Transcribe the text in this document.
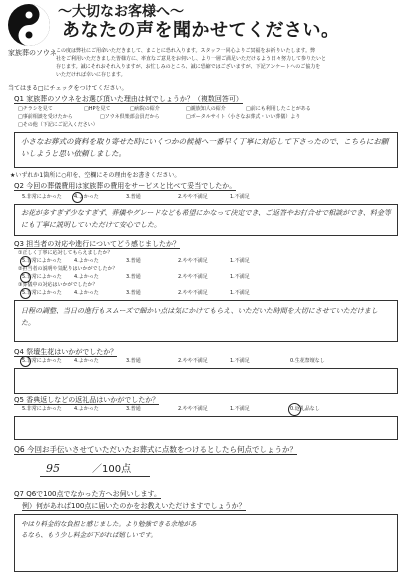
〜大切なお客様へ〜
あなたの声を聞かせてください。
家族葬のソウネ この度は弊社にご用命いただきまして、まことに恐れ入ります。スタッフ一同心よりご冥福をお祈りいたします。弊
社をご利用いただきました皆様方に、率直なご意見をお伺いし、より一層ご満足いただけるよう日々努力して参りたいと
存じます。誠にそれおそれ入りますが、お忙しみのところ、誠に恐縮ではございますが、下記アンケートへのご協力を
いただければ幸いに存じます。
当てはまる□にチェックをつけてください。
Q1 家族葬のソウネをお選び頂いた理由は何でしょうか？（複数回答可）
□チラシを見て	□HPを見て	□病院の紹介	□親族知人の紹介	□前にも利用したことがある
□事前相談を受けたから	□ソウネ倶楽部会員だから	□ポータルサイト（小さなお葬式・いい葬儀）より
□その他（下記にご記入ください）
小さなお葬式の資料を取り寄せた時にいくつかの候補へ一番早く丁寧に対応して下さったので、こちらにお願いしようと思い依頼しました。
★いずれか1箇所に○印を、空欄にその理由をお書きください。
Q2 今回の葬儀費用は家族葬の費用をサービスと比べて妥当でしたか。
5.非常によかった	4.よかった	3.普通	2.やや不満足	1.不満足
お花が多すぎず少なすぎず、葬儀やグレードなども希望にかなって決定でき、ご返答やお打合せで相談ができ、料金等にも丁寧に説明していただけて安心でした。
Q3 担当者の対応や進行についてどう感じましたか？
①正しく丁寧に応対してもらえましたか？
5.非常によかった	4.よかった	3.普通	2.やや不満足	1.不満足
②担当者の説明や気配りはいかがでしたか？
5.非常によかった	4.よかった	3.普通	2.やや不満足	1.不満足
③葬儀中の対応はいかがでしたか？
5.非常によかった	4.よかった	3.普通	2.やや不満足	1.不満足
日程の調整、当日の進行もスムーズで細かい点は気にかけてもらえ、いただいた時間を大切にさせていただけました。
Q4 祭壇生花はいかがでしたか？
5.非常によかった	4.よかった	3.普通	2.やや不満足	1.不満足	0.生花祭壇なし
Q5 香典返しなどの返礼品はいかがでしたか？
5.非常によかった	4.よかった	3.普通	2.やや不満足	1.不満足	0.返礼品なし
Q6 今回お手伝いさせていただいたお葬式に点数をつけるとしたら何点でしょうか？
95	／100点
Q7 Q6で100点でなかった方へお伺いします。
例）何があれば100点に届いたのかをお教えいただけますでしょうか？
やはり料金的な負担と感じました。より勉強できる余地があるなら、もう少し料金が下がれば嬉しいです。
